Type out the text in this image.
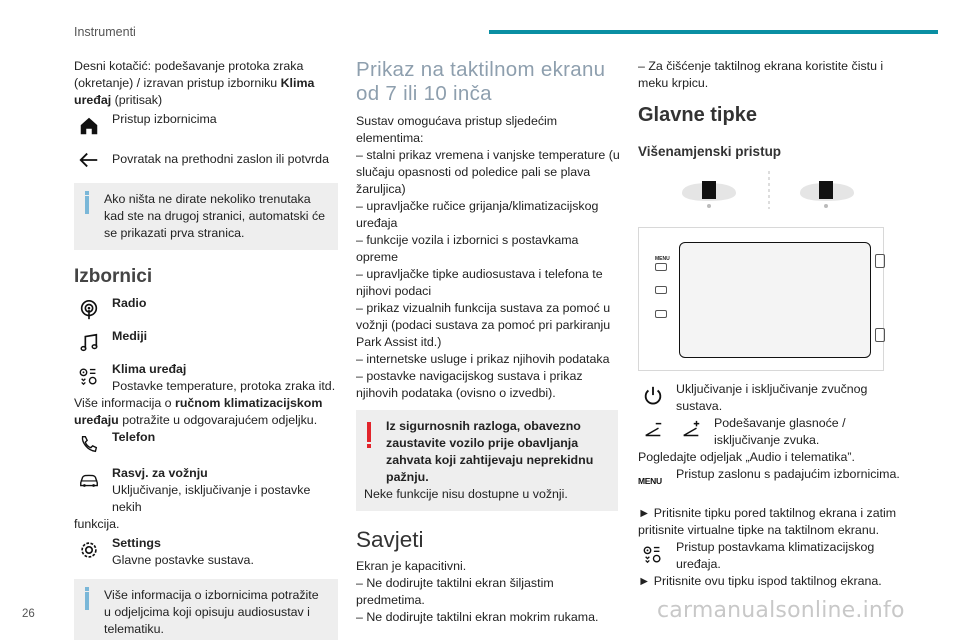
Instrumenti

Desni kotačić: podešavanje protoka zraka (okretanje) / izravan pristup izborniku Klima uređaj (pritisak)

Pristup izbornicima
Povratak na prethodni zaslon ili potvrda
Ako ništa ne dirate nekoliko trenutaka kad ste na drugoj stranici, automatski će se prikazati prva stranica.
Izbornici
Radio
Mediji
Klima uređaj
Postavke temperature, protoka zraka itd.

Više informacija o ručnom klimatizacijskom uređaju potražite u odgovarajućem odjeljku.

Telefon
Rasvj. za vožnju
Uključivanje, isključivanje i postavke nekih

funkcija.

Settings
Glavne postavke sustava.
Više informacija o izbornicima potražite u odjeljcima koji opisuju audiosustav i telematiku.
Prikaz na taktilnom ekranu od 7 ili 10 inča

Sustav omogućava pristup sljedećim elementima:

– stalni prikaz vremena i vanjske temperature (u slučaju opasnosti od poledice pali se plava žaruljica)

– upravljačke ručice grijanja/klimatizacijskog uređaja

– funkcije vozila i izbornici s postavkama opreme

– upravljačke tipke audiosustava i telefona te njihovi podaci

– prikaz vizualnih funkcija sustava za pomoć u vožnji (podaci sustava za pomoć pri parkiranju Park Assist itd.)

– internetske usluge i prikaz njihovih podataka

– postavke navigacijskog sustava i prikaz njihovih podataka (ovisno o izvedbi).

Iz sigurnosnih razloga, obavezno zaustavite vozilo prije obavljanja zahvata koji zahtijevaju neprekidnu pažnju.
Neke funkcije nisu dostupne u vožnji.
Savjeti

Ekran je kapacitivni.

– Ne dodirujte taktilni ekran šiljastim predmetima.

– Ne dodirujte taktilni ekran mokrim rukama.

– Za čišćenje taktilnog ekrana koristite čistu i meku krpicu.

Glavne tipke
Višenamjenski pristup
MENU
Uključivanje i isključivanje zvučnog sustava.
Podešavanje glasnoće / isključivanje zvuka.

Pogledajte odjeljak „Audio i telematika”.

MENU Pristup zaslonu s padajućim izbornicima.

► Pritisnite tipku pored taktilnog ekrana i zatim pritisnite virtualne tipke na taktilnom ekranu.

Pristup postavkama klimatizacijskog uređaja.

► Pritisnite ovu tipku ispod taktilnog ekrana.

26	carmanualsonline.info
